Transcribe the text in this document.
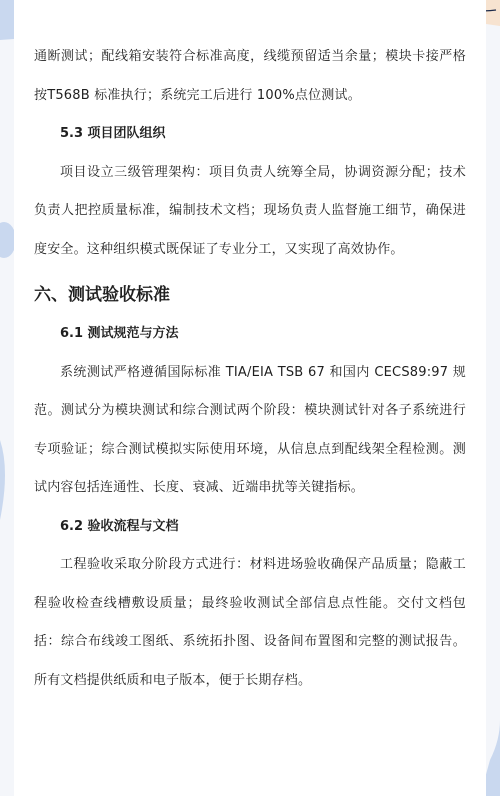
通断测试；配线箱安装符合标准高度，线缆预留适当余量；模块卡接严格按T568B 标准执行；系统完工后进行 100%点位测试。

5.3 项目团队组织

项目设立三级管理架构：项目负责人统筹全局，协调资源分配；技术负责人把控质量标准，编制技术文档；现场负责人监督施工细节，确保进度安全。这种组织模式既保证了专业分工，又实现了高效协作。

六、测试验收标准
6.1 测试规范与方法

系统测试严格遵循国际标准 TIA/EIA TSB 67 和国内 CECS89:97 规范。测试分为模块测试和综合测试两个阶段：模块测试针对各子系统进行专项验证；综合测试模拟实际使用环境，从信息点到配线架全程检测。测试内容包括连通性、长度、衰减、近端串扰等关键指标。

6.2 验收流程与文档

工程验收采取分阶段方式进行：材料进场验收确保产品质量；隐蔽工程验收检查线槽敷设质量；最终验收测试全部信息点性能。交付文档包括：综合布线竣工图纸、系统拓扑图、设备间布置图和完整的测试报告。所有文档提供纸质和电子版本，便于长期存档。
